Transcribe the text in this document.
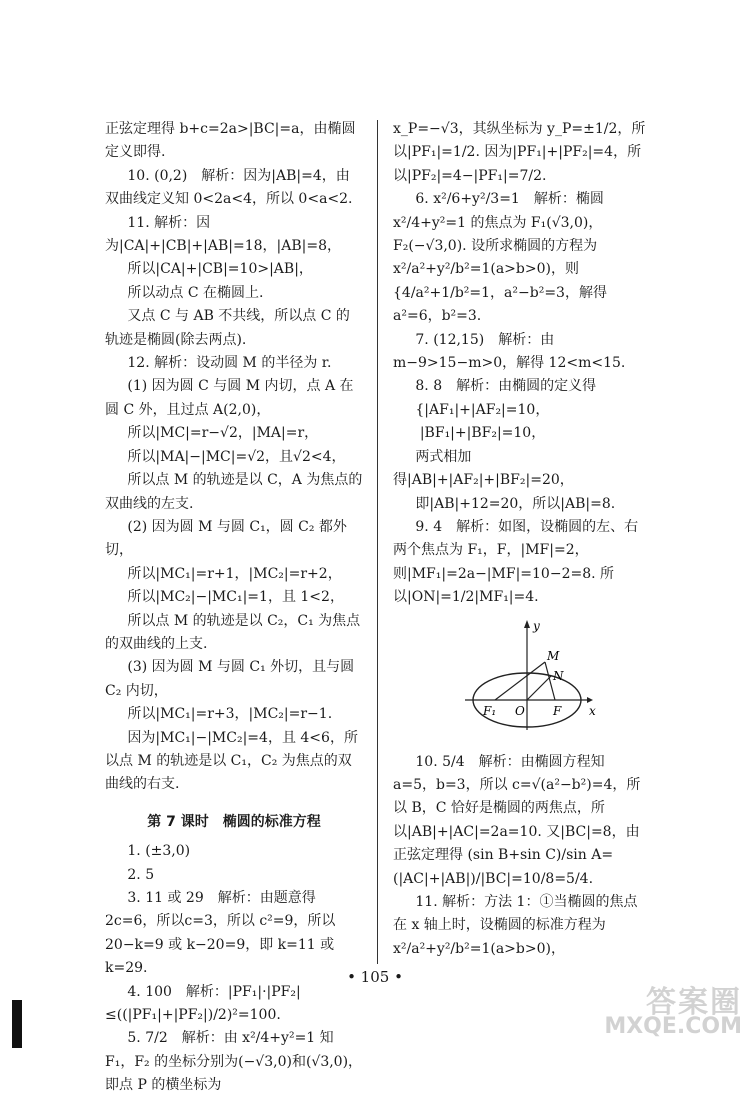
正弦定理得 b+c=2a>|BC|=a，由椭圆定义即得.

10. (0,2)　解析：因为|AB|=4，由双曲线定义知 0<2a<4，所以 0<a<2.

11. 解析：因为|CA|+|CB|+|AB|=18，|AB|=8，

所以|CA|+|CB|=10>|AB|，

所以动点 C 在椭圆上.

又点 C 与 AB 不共线，所以点 C 的轨迹是椭圆(除去两点).

12. 解析：设动圆 M 的半径为 r.

(1) 因为圆 C 与圆 M 内切，点 A 在圆 C 外，且过点 A(2,0)，

所以|MC|=r−√2，|MA|=r，

所以|MA|−|MC|=√2，且√2<4，

所以点 M 的轨迹是以 C，A 为焦点的双曲线的左支.

(2) 因为圆 M 与圆 C₁，圆 C₂ 都外切，

所以|MC₁|=r+1，|MC₂|=r+2，

所以|MC₂|−|MC₁|=1，且 1<2，

所以点 M 的轨迹是以 C₂，C₁ 为焦点的双曲线的上支.

(3) 因为圆 M 与圆 C₁ 外切，且与圆 C₂ 内切，

所以|MC₁|=r+3，|MC₂|=r−1.

因为|MC₁|−|MC₂|=4，且 4<6，所以点 M 的轨迹是以 C₁，C₂ 为焦点的双曲线的右支.

第 7 课时　椭圆的标准方程

1. (±3,0)

2. 5

3. 11 或 29　解析：由题意得 2c=6，所以c=3，所以 c²=9，所以 20−k=9 或 k−20=9，即 k=11 或 k=29.

4. 100　解析：|PF₁|·|PF₂|≤((|PF₁|+|PF₂|)/2)²=100.

5. 7/2　解析：由 x²/4+y²=1 知 F₁，F₂ 的坐标分别为(−√3,0)和(√3,0)，即点 P 的横坐标为

x_P=−√3，其纵坐标为 y_P=±1/2，所以|PF₁|=1/2. 因为|PF₁|+|PF₂|=4，所以|PF₂|=4−|PF₁|=7/2.

6. x²/6+y²/3=1　解析：椭圆 x²/4+y²=1 的焦点为 F₁(√3,0)，F₂(−√3,0). 设所求椭圆的方程为 x²/a²+y²/b²=1(a>b>0)，则 {4/a²+1/b²=1，a²−b²=3，解得 a²=6，b²=3.

7. (12,15)　解析：由 m−9>15−m>0，解得 12<m<15.

8. 8　解析：由椭圆的定义得

{|AF₁|+|AF₂|=10，

|BF₁|+|BF₂|=10，

两式相加得|AB|+|AF₂|+|BF₂|=20，

即|AB|+12=20，所以|AB|=8.

9. 4　解析：如图，设椭圆的左、右两个焦点为 F₁，F，|MF|=2，则|MF₁|=2a−|MF|=10−2=8. 所以|ON|=1/2|MF₁|=4.

y
x
M
N
F₁ O F

10. 5/4　解析：由椭圆方程知 a=5，b=3，所以 c=√(a²−b²)=4，所以 B，C 恰好是椭圆的两焦点，所以|AB|+|AC|=2a=10. 又|BC|=8，由正弦定理得 (sin B+sin C)/sin A=(|AC|+|AB|)/|BC|=10/8=5/4.

11. 解析：方法 1：①当椭圆的焦点在 x 轴上时，设椭圆的标准方程为 x²/a²+y²/b²=1(a>b>0)，

• 105 •
答案圈
MXQE.COM
